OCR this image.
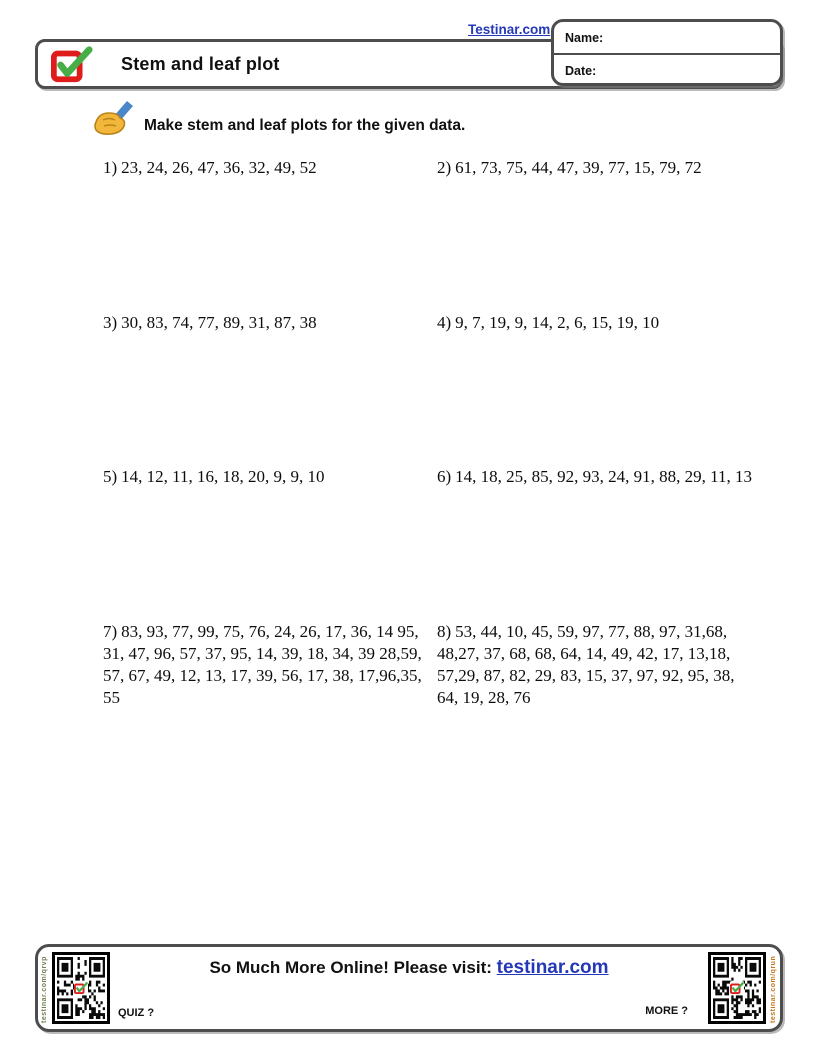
Testinar.com
Stem and leaf plot
Name:
Date:
Make stem and leaf plots for the given data.
1) 23, 24, 26, 47, 36, 32, 49, 52	2) 61, 73, 75, 44, 47, 39, 77, 15, 79, 72
3) 30, 83, 74, 77, 89, 31, 87, 38	4) 9, 7, 19, 9, 14, 2, 6, 15, 19, 10
5) 14, 12, 11, 16, 18, 20, 9, 9, 10	6) 14, 18, 25, 85, 92, 93, 24, 91, 88, 29, 11, 13
7) 83, 93, 77, 99, 75, 76, 24, 26, 17, 36, 14 95, 31, 47, 96, 57, 37, 95, 14, 39, 18, 34, 39 28,59, 57, 67, 49, 12, 13, 17, 39, 56, 17, 38, 17,96,35, 55
8) 53, 44, 10, 45, 59, 97, 77, 88, 97, 31,68, 48,27, 37, 68, 68, 64, 14, 49, 42, 17, 13,18, 57,29, 87, 82, 29, 83, 15, 37, 97, 92, 95, 38, 64, 19, 28, 76
testinar.com/qrvp	QUIZ ?
So Much More Online! Please visit: testinar.com
MORE ?	testinar.com/qrun
